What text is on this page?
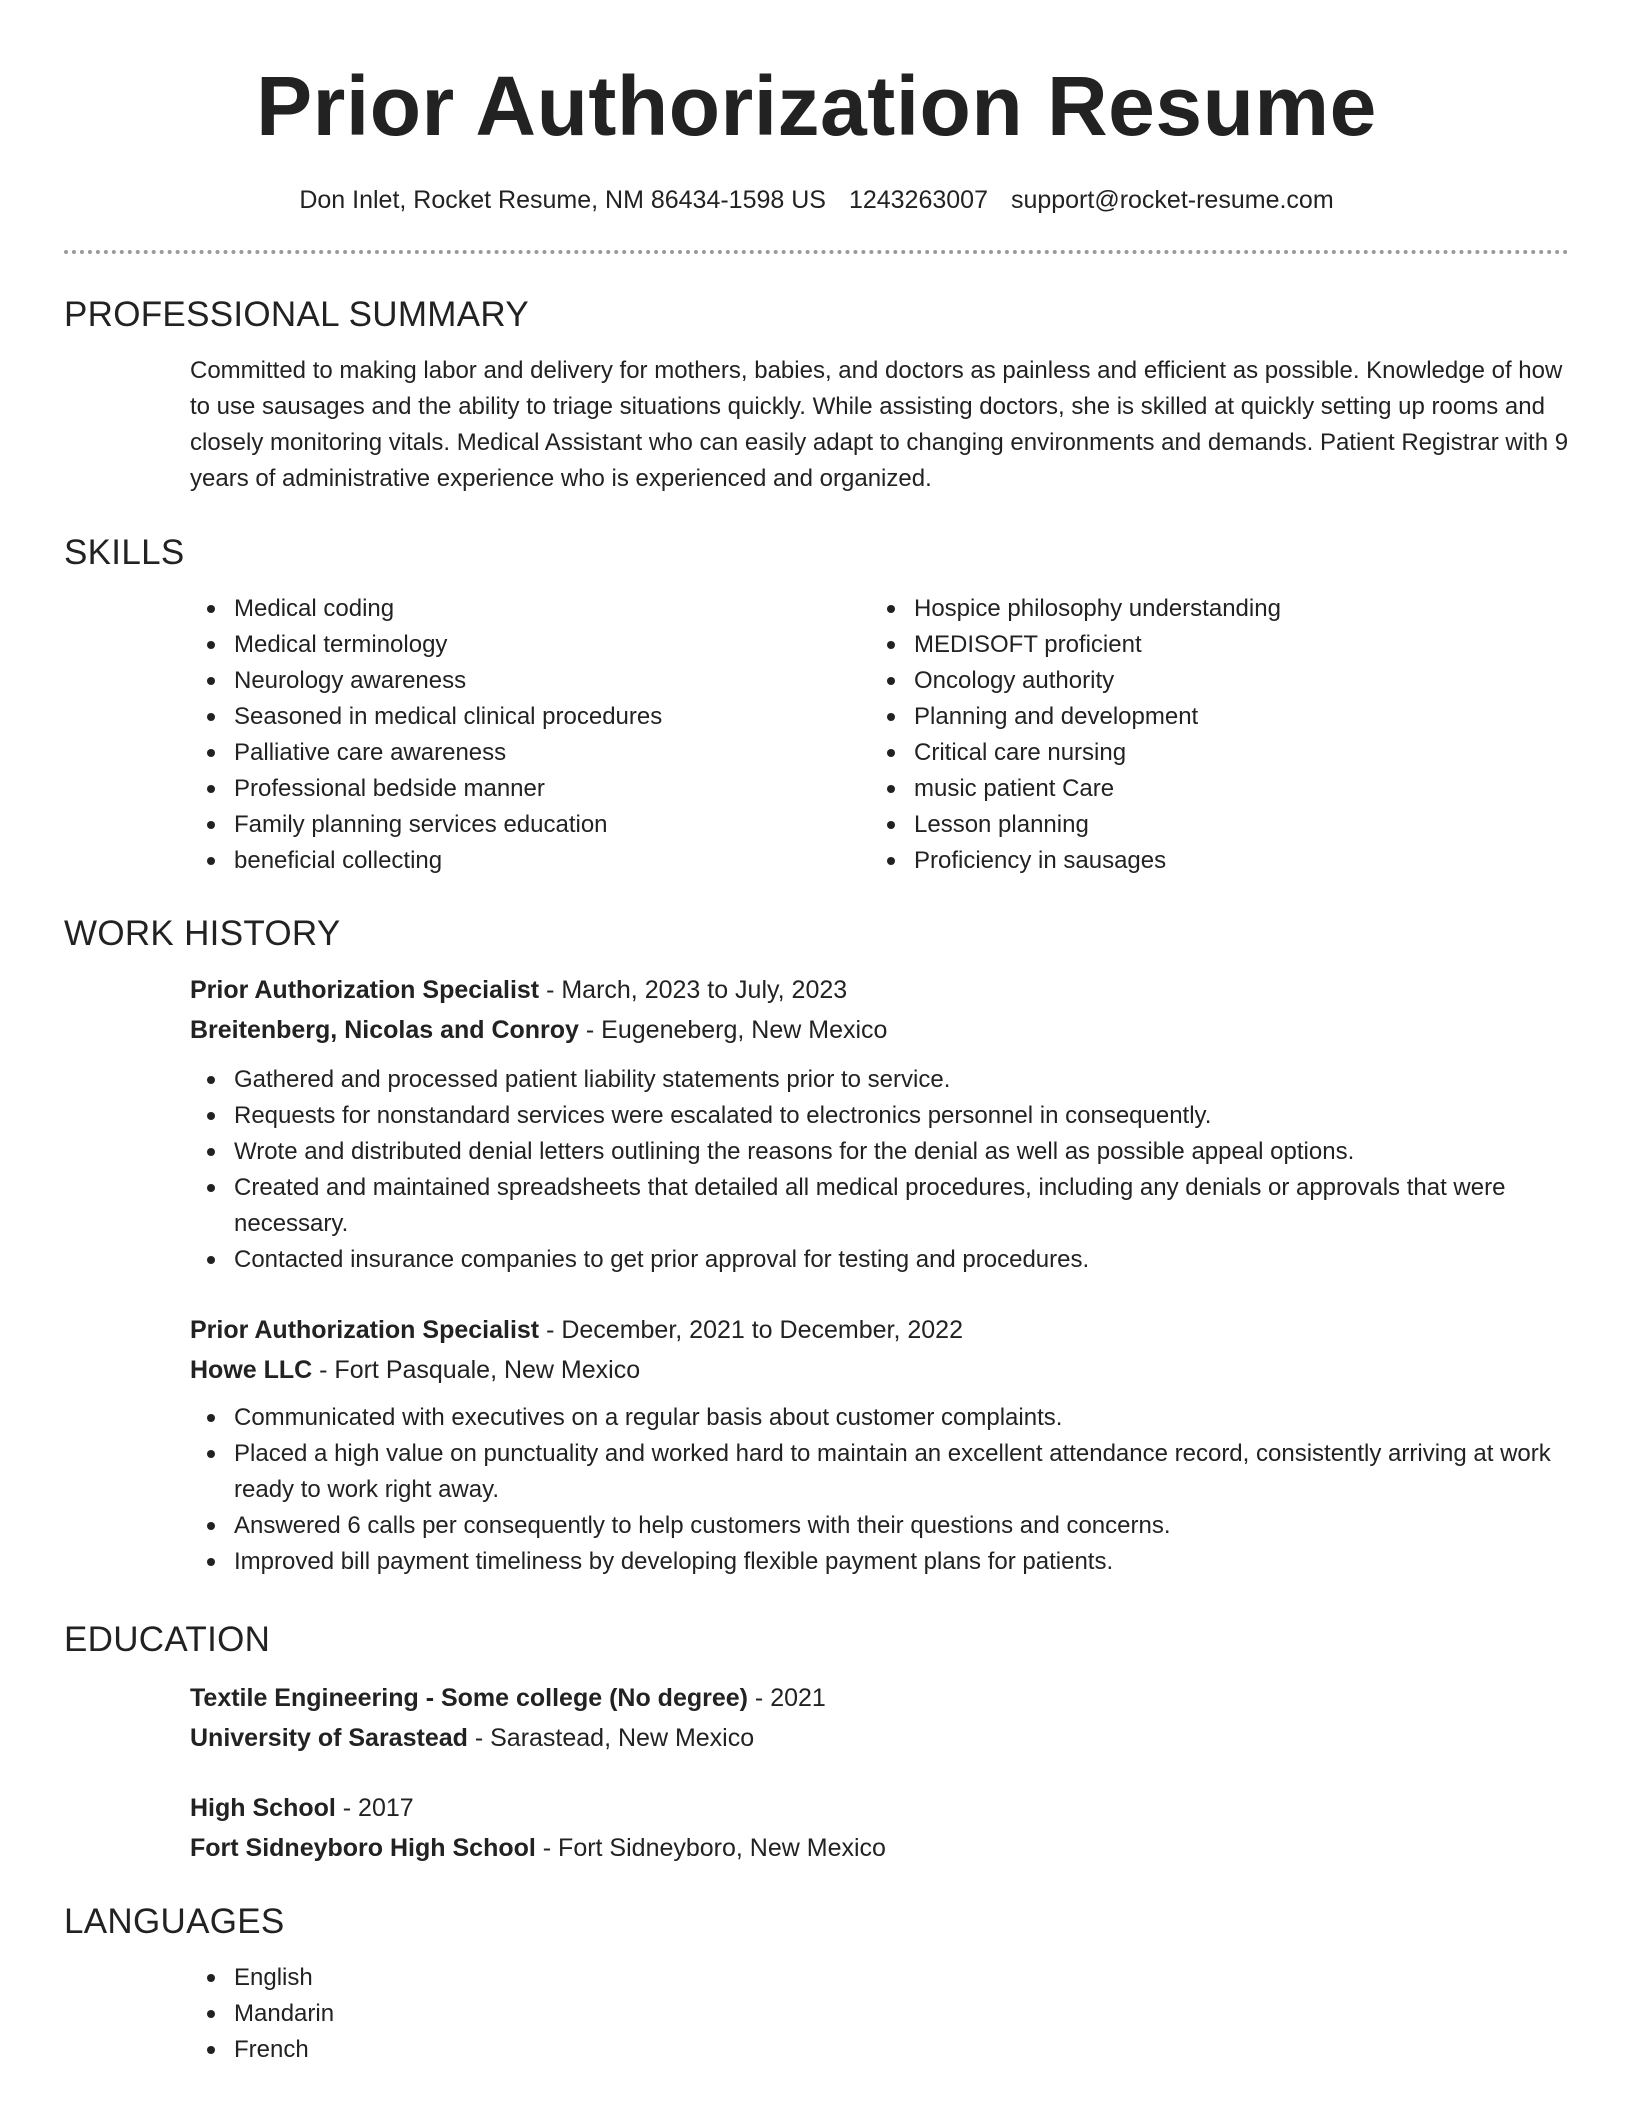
Prior Authorization Resume
Don Inlet, Rocket Resume, NM 86434-1598 US 1243263007 support@rocket-resume.com
PROFESSIONAL SUMMARY

Committed to making labor and delivery for mothers, babies, and doctors as painless and efficient as possible. Knowledge of how to use sausages and the ability to triage situations quickly. While assisting doctors, she is skilled at quickly setting up rooms and closely monitoring vitals. Medical Assistant who can easily adapt to changing environments and demands. Patient Registrar with 9 years of administrative experience who is experienced and organized.

SKILLS
Medical coding
Medical terminology
Neurology awareness
Seasoned in medical clinical procedures
Palliative care awareness
Professional bedside manner
Family planning services education
beneficial collecting
Hospice philosophy understanding
MEDISOFT proficient
Oncology authority
Planning and development
Critical care nursing
music patient Care
Lesson planning
Proficiency in sausages
WORK HISTORY
Prior Authorization Specialist - March, 2023 to July, 2023
Breitenberg, Nicolas and Conroy - Eugeneberg, New Mexico
Gathered and processed patient liability statements prior to service.
Requests for nonstandard services were escalated to electronics personnel in consequently.
Wrote and distributed denial letters outlining the reasons for the denial as well as possible appeal options.
Created and maintained spreadsheets that detailed all medical procedures, including any denials or approvals that were necessary.
Contacted insurance companies to get prior approval for testing and procedures.
Prior Authorization Specialist - December, 2021 to December, 2022
Howe LLC - Fort Pasquale, New Mexico
Communicated with executives on a regular basis about customer complaints.
Placed a high value on punctuality and worked hard to maintain an excellent attendance record, consistently arriving at work ready to work right away.
Answered 6 calls per consequently to help customers with their questions and concerns.
Improved bill payment timeliness by developing flexible payment plans for patients.
EDUCATION
Textile Engineering - Some college (No degree) - 2021
University of Sarastead - Sarastead, New Mexico
High School - 2017
Fort Sidneyboro High School - Fort Sidneyboro, New Mexico
LANGUAGES
English
Mandarin
French
